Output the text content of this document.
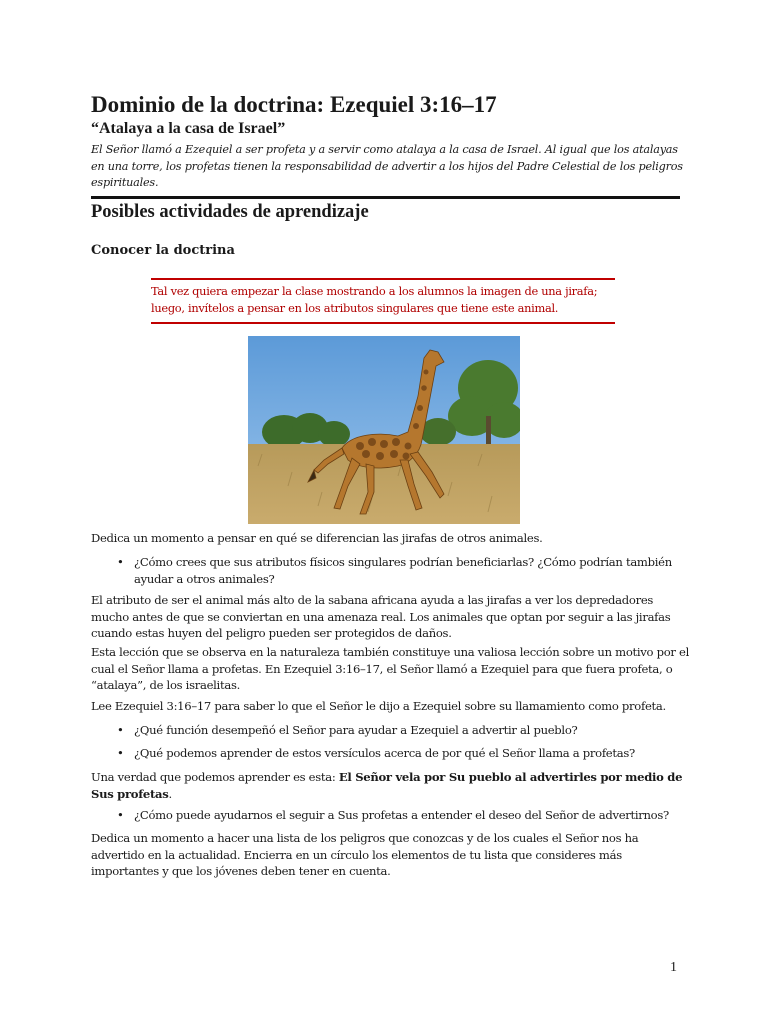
Dominio de la doctrina: Ezequiel 3:16–17
“Atalaya a la casa de Israel”
El Señor llamó a Ezequiel a ser profeta y a servir como atalaya a la casa de Israel. Al igual que los atalayas en una torre, los profetas tienen la responsabilidad de advertir a los hijos del Padre Celestial de los peligros espirituales.
Posibles actividades de aprendizaje
Conocer la doctrina
Tal vez quiera empezar la clase mostrando a los alumnos la imagen de una jirafa; luego, invítelos a pensar en los atributos singulares que tiene este animal.
Dedica un momento a pensar en qué se diferencian las jirafas de otros animales.
• ¿Cómo crees que sus atributos físicos singulares podrían beneficiarlas? ¿Cómo podrían también ayudar a otros animales?
El atributo de ser el animal más alto de la sabana africana ayuda a las jirafas a ver los depredadores mucho antes de que se conviertan en una amenaza real. Los animales que optan por seguir a las jirafas cuando estas huyen del peligro pueden ser protegidos de daños.
Esta lección que se observa en la naturaleza también constituye una valiosa lección sobre un motivo por el cual el Señor llama a profetas. En Ezequiel 3:16–17, el Señor llamó a Ezequiel para que fuera profeta, o “atalaya”, de los israelitas.
Lee Ezequiel 3:16–17 para saber lo que el Señor le dijo a Ezequiel sobre su llamamiento como profeta.
• ¿Qué función desempeñó el Señor para ayudar a Ezequiel a advertir al pueblo?
• ¿Qué podemos aprender de estos versículos acerca de por qué el Señor llama a profetas?
Una verdad que podemos aprender es esta: El Señor vela por Su pueblo al advertirles por medio de Sus profetas.
• ¿Cómo puede ayudarnos el seguir a Sus profetas a entender el deseo del Señor de advertirnos?
Dedica un momento a hacer una lista de los peligros que conozcas y de los cuales el Señor nos ha advertido en la actualidad. Encierra en un círculo los elementos de tu lista que consideres más importantes y que los jóvenes deben tener en cuenta.
1
